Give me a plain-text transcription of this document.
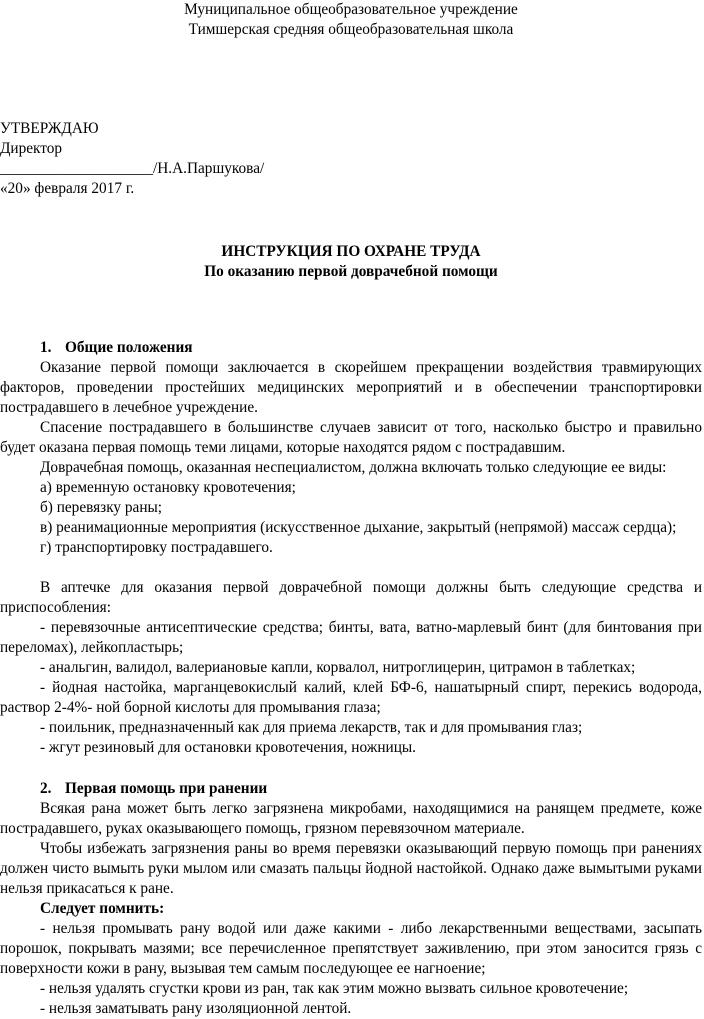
Муниципальное общеобразовательное учреждение

Тимшерская средняя общеобразовательная школа

УТВЕРЖДАЮ

Директор

____________________/Н.А.Паршукова/

«20» февраля 2017 г.

ИНСТРУКЦИЯ ПО ОХРАНЕ ТРУДА

По оказанию первой доврачебной помощи

1. Общие положения

Оказание первой помощи заключается в скорейшем прекращении воздействия травмирующих факторов, проведении простейших медицинских мероприятий и в обеспечении транспортировки пострадавшего в лечебное учреждение.

Спасение пострадавшего в большинстве случаев зависит от того, насколько быстро и правильно будет оказана первая помощь теми лицами, которые находятся рядом с пострадавшим.

Доврачебная помощь, оказанная неспециалистом, должна включать только следующие ее виды:

а) временную остановку кровотечения;

б) перевязку раны;

в) реанимационные мероприятия (искусственное дыхание, закрытый (непрямой) массаж сердца);

г) транспортировку пострадавшего.

В аптечке для оказания первой доврачебной помощи должны быть следующие средства и приспособления:

- перевязочные антисептические средства; бинты, вата, ватно-марлевый бинт (для бинтования при переломах), лейкопластырь;

- анальгин, валидол, валериановые капли, корвалол, нитроглицерин, цитрамон в таблетках;

- йодная настойка, марганцевокислый калий, клей БФ-6, нашатырный спирт, перекись водорода, раствор 2-4%- ной борной кислоты для промывания глаза;

- поильник, предназначенный как для приема лекарств, так и для промывания глаз;

- жгут резиновый для остановки кровотечения, ножницы.

2. Первая помощь при ранении

Всякая рана может быть легко загрязнена микробами, находящимися на ранящем предмете, коже пострадавшего, руках оказывающего помощь, грязном перевязочном материале.

Чтобы избежать загрязнения раны во время перевязки оказывающий первую помощь при ранениях должен чисто вымыть руки мылом или смазать пальцы йодной настойкой. Однако даже вымытыми руками нельзя прикасаться к ране.

Следует помнить:

- нельзя промывать рану водой или даже какими - либо лекарственными веществами, засыпать порошок, покрывать мазями; все перечисленное препятствует заживлению, при этом заносится грязь с поверхности кожи в рану, вызывая тем самым последующее ее нагноение;

- нельзя удалять сгустки крови из ран, так как этим можно вызвать сильное кровотечение;

- нельзя заматывать рану изоляционной лентой.
